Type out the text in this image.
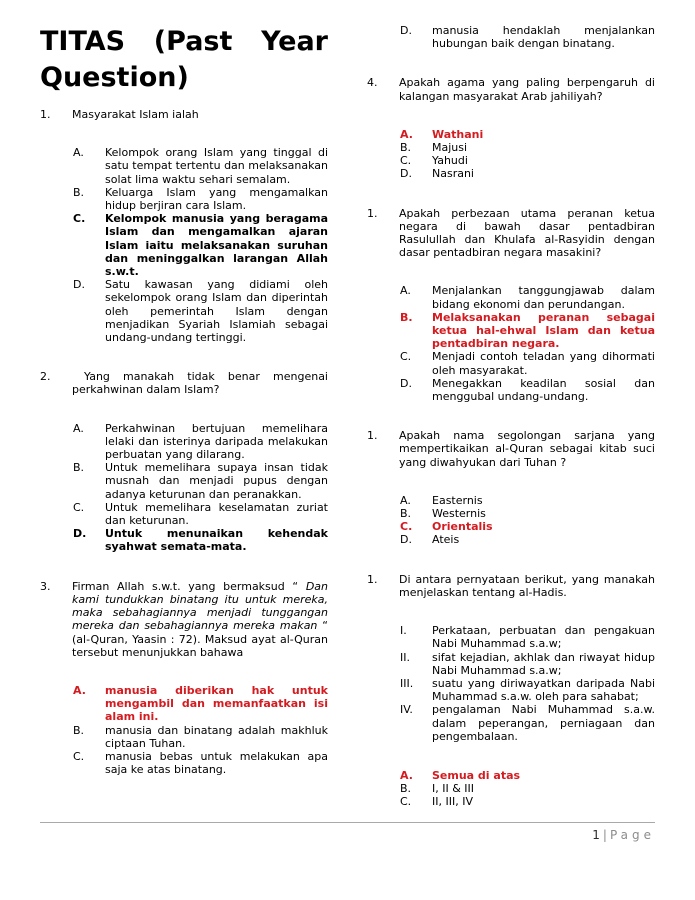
TITAS (Past Year
Question)
1.	Masyarakat Islam ialah
A.	Kelompok orang Islam yang tinggal di satu tempat tertentu dan melaksanakan solat lima waktu sehari semalam.
B.	Keluarga Islam yang mengamalkan hidup berjiran cara Islam.
C.	Kelompok manusia yang beragama Islam dan mengamalkan ajaran Islam iaitu melaksanakan suruhan dan meninggalkan larangan Allah s.w.t.
D.	Satu kawasan yang didiami oleh sekelompok orang Islam dan diperintah oleh pemerintah Islam dengan menjadikan Syariah Islamiah sebagai undang-undang tertinggi.
2.	Yang manakah tidak benar mengenai perkahwinan dalam Islam?
A.	Perkahwinan bertujuan memelihara lelaki dan isterinya daripada melakukan perbuatan yang dilarang.
B.	Untuk memelihara supaya insan tidak musnah dan menjadi pupus dengan adanya keturunan dan peranakkan.
C.	Untuk memelihara keselamatan zuriat dan keturunan.
D.	Untuk menunaikan kehendak syahwat semata-mata.
3.	Firman Allah s.w.t. yang bermaksud “ Dan kami tundukkan binatang itu untuk mereka, maka sebahagiannya menjadi tunggangan mereka dan sebahagiannya mereka makan “ (al-Quran, Yaasin : 72). Maksud ayat al-Quran tersebut menunjukkan bahawa
A.	manusia diberikan hak untuk mengambil dan memanfaatkan isi alam ini.
B.	manusia dan binatang adalah makhluk ciptaan Tuhan.
C.	manusia bebas untuk melakukan apa saja ke atas binatang.
D.	manusia hendaklah menjalankan hubungan baik dengan binatang.
4.	Apakah agama yang paling berpengaruh di kalangan masyarakat Arab jahiliyah?
A.	Wathani
B.	Majusi
C.	Yahudi
D.	Nasrani
1.	Apakah perbezaan utama peranan ketua negara di bawah dasar pentadbiran Rasulullah dan Khulafa al-Rasyidin dengan dasar pentadbiran negara masakini?
A.	Menjalankan tanggungjawab dalam bidang ekonomi dan perundangan.
B.	Melaksanakan peranan sebagai ketua hal-ehwal Islam dan ketua pentadbiran negara.
C.	Menjadi contoh teladan yang dihormati oleh masyarakat.
D.	Menegakkan keadilan sosial dan menggubal undang-undang.
1.	Apakah nama segolongan sarjana yang mempertikaikan al-Quran sebagai kitab suci yang diwahyukan dari Tuhan ?
A.	Easternis
B.	Westernis
C.	Orientalis
D.	Ateis
1.	Di antara pernyataan berikut, yang manakah menjelaskan tentang al-Hadis.
I.	Perkataan, perbuatan dan pengakuan Nabi Muhammad s.a.w;
II.	sifat kejadian, akhlak dan riwayat hidup Nabi Muhammad s.a.w;
III.	suatu yang diriwayatkan daripada Nabi Muhammad s.a.w. oleh para sahabat;
IV.	pengalaman Nabi Muhammad s.a.w. dalam peperangan, perniagaan dan pengembalaan.
A.	Semua di atas
B.	I, II & III
C.	II, III, IV
1 | Page
